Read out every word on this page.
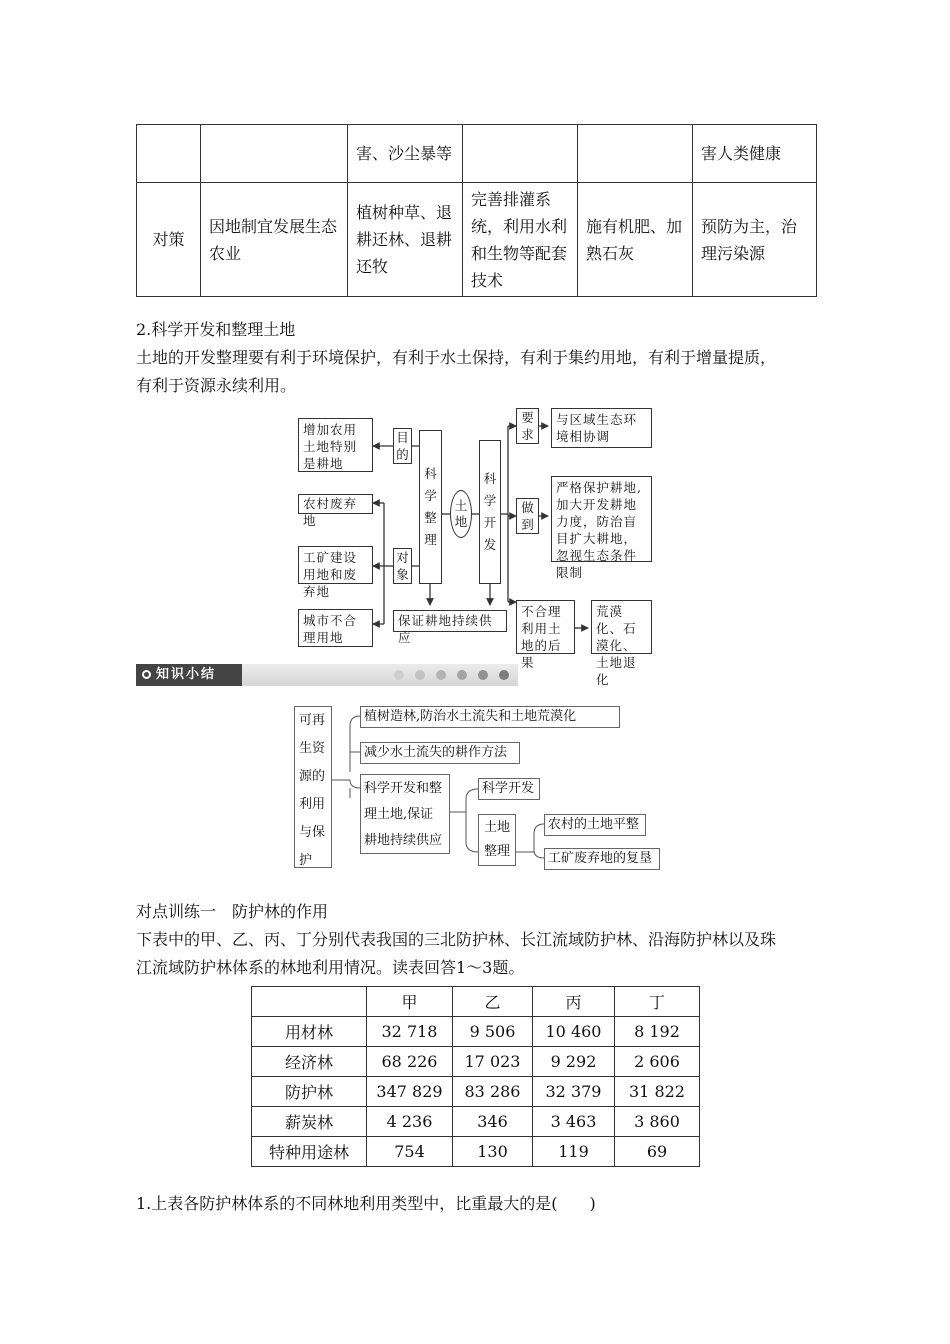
		害、沙尘暴等			害人类健康
对策	因地制宜发展生态农业	植树种草、退耕还林、退耕还牧	完善排灌系统，利用水利和生物等配套技术	施有机肥、加熟石灰	预防为主，治理污染源
2.科学开发和整理土地
土地的开发整理要有利于环境保护，有利于水土保持，有利于集约用地，有利于增量提质，
有利于资源永续利用。
增加农用土地特别是耕地
目的
农村废弃地
工矿建设用地和废弃地
城市不合理用地
对象
科学整理
土地
科学开发
保证耕地持续供应
要求
与区域生态环境相协调
做到
严格保护耕地,加大开发耕地力度，防治盲目扩大耕地，忽视生态条件限制
不合理利用土地的后果
荒漠化、石漠化、土地退化
知识小结
可再生资源的利用与保护
植树造林,防治水土流失和土地荒漠化
减少水土流失的耕作方法
科学开发和整理土地,保证耕地持续供应
科学开发
土地整理
农村的土地平整
工矿废弃地的复垦
对点训练一　防护林的作用
下表中的甲、乙、丙、丁分别代表我国的三北防护林、长江流域防护林、沿海防护林以及珠
江流域防护林体系的林地利用情况。读表回答1～3题。
	甲	乙	丙	丁
用材林	32 718	9 506	10 460	8 192
经济林	68 226	17 023	9 292	2 606
防护林	347 829	83 286	32 379	31 822
薪炭林	4 236	346	3 463	3 860
特种用途林	754	130	119	69
1.上表各防护林体系的不同林地利用类型中，比重最大的是(　　)
